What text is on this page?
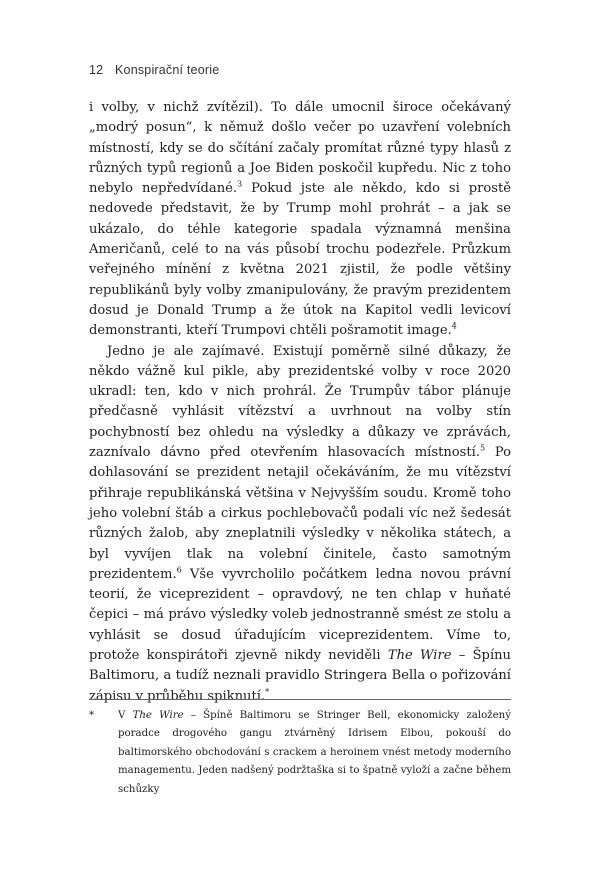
12 Konspirační teorie

i volby, v nichž zvítězil). To dále umocnil široce očekávaný „modrý posun“, k němuž došlo večer po uzavření volebních místností, kdy se do sčítání začaly promítat různé typy hlasů z různých typů regionů a Joe Biden poskočil kupředu. Nic z toho nebylo nepředvídané.$^3$ Pokud jste ale někdo, kdo si prostě nedovede představit, že by Trump mohl prohrát – a jak se ukázalo, do téhle kategorie spadala významná menšina Američanů, celé to na vás působí trochu podezřele. Průzkum veřejného mínění z května 2021 zjistil, že podle většiny republikánů byly volby zmanipulovány, že pravým prezidentem dosud je Donald Trump a že útok na Kapitol vedli levicoví demonstranti, kteří Trumpovi chtěli pošramotit image.$^4$

Jedno je ale zajímavé. Existují poměrně silné důkazy, že někdo vážně kul pikle, aby prezidentské volby v roce 2020 ukradl: ten, kdo v nich prohrál. Že Trumpův tábor plánuje předčasně vyhlásit vítězství a uvrhnout na volby stín pochybností bez ohledu na výsledky a důkazy ve zprávách, zaznívalo dávno před otevřením hlasovacích místností.$^5$ Po dohlasování se prezident netajil očekáváním, že mu vítězství přihraje republikánská většina v Nejvyšším soudu. Kromě toho jeho volební štáb a cirkus pochlebovačů podali víc než šedesát různých žalob, aby zneplatnili výsledky v několika státech, a byl vyvíjen tlak na volební činitele, často samotným prezidentem.$^6$ Vše vyvrcholilo počátkem ledna novou právní teorií, že viceprezident – opravdový, ne ten chlap v huňaté čepici – má právo výsledky voleb jednostranně smést ze stolu a vyhlásit se dosud úřadujícím viceprezidentem. Víme to, protože konspirátoři zjevně nikdy neviděli The Wire – Špínu Baltimoru, a tudíž neznali pravidlo Stringera Bella o pořizování zápisu v průběhu spiknutí.*

* V The Wire – Špíně Baltimoru se Stringer Bell, ekonomicky založený poradce drogového gangu ztvárněný Idrisem Elbou, pokouší do baltimorského obchodování s crackem a heroinem vnést metody moderního managementu. Jeden nadšený podržtaška si to špatně vyloží a začne během schůzky
